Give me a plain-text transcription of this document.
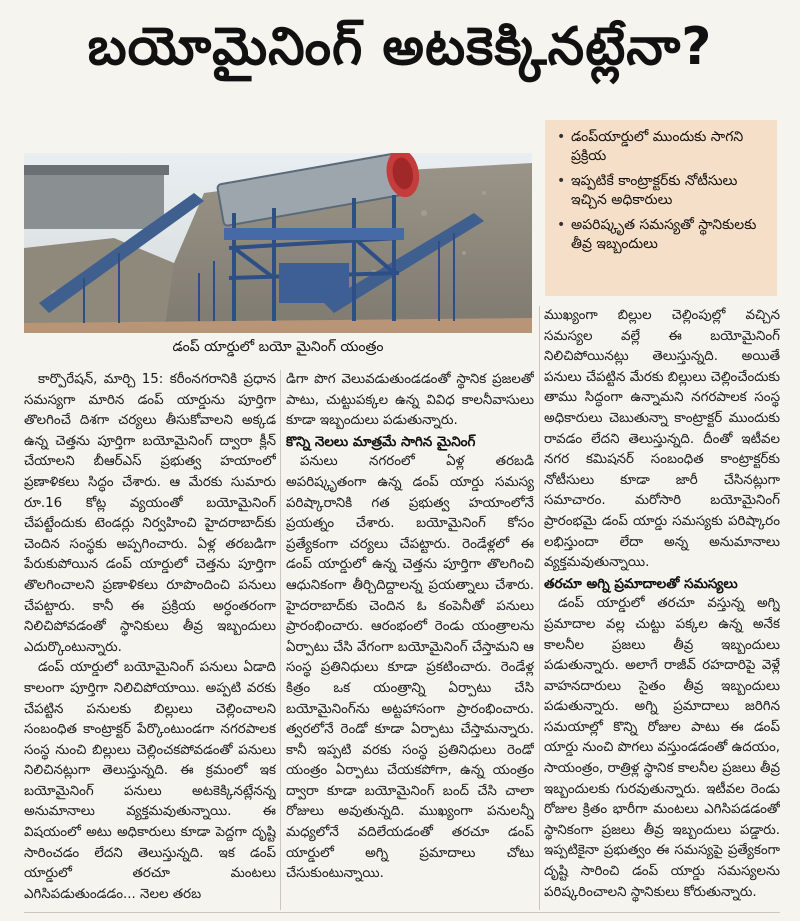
బయోమైనింగ్ అటకెక్కినట్లేనా?
డంప్ యార్డులో బయో మైనింగ్ యంత్రం
• డంప్‌యార్డులో ముందుకు సాగని ప్రక్రియ
• ఇప్పటికే కాంట్రాక్టర్‌కు నోటీసులు ఇచ్చిన అధికారులు
• అపరిష్కృత సమస్యతో స్థానికులకు తీవ్ర ఇబ్బందులు

కార్పొరేషన్, మార్చి 15: కరీంనగరానికి ప్రధాన సమస్యగా మారిన డంప్ యార్డును పూర్తిగా తొలగించే దిశగా చర్యలు తీసుకోవాలని అక్కడ ఉన్న చెత్తను పూర్తిగా బయోమైనింగ్ ద్వారా క్లీన్ చేయాలని బీఆర్ఎస్ ప్రభుత్వ హయాంలో ప్రణాళికలు సిద్ధం చేశారు. ఆ మేరకు సుమారు రూ.16 కోట్ల వ్యయంతో బయోమైనింగ్ చేపట్టేందుకు టెండర్లు నిర్వహించి హైదరాబాద్‌కు చెందిన సంస్థకు అప్పగించారు. ఏళ్ల తరబడిగా పేరుకుపోయిన డంప్ యార్డులో చెత్తను పూర్తిగా తొలగించాలని ప్రణాళికలు రూపొందించి పనులు చేపట్టారు. కానీ ఈ ప్రక్రియ అర్ధంతరంగా నిలిచిపోవడంతో స్థానికులు తీవ్ర ఇబ్బందులు ఎదుర్కొంటున్నారు.

డంప్ యార్డులో బయోమైనింగ్ పనులు ఏడాది కాలంగా పూర్తిగా నిలిచిపోయాయి. అప్పటి వరకు చేపట్టిన పనులకు బిల్లులు చెల్లించాలని సంబంధిత కాంట్రాక్టర్ పేర్కొంటుండగా నగరపాలక సంస్థ నుంచి బిల్లులు చెల్లించకపోవడంతో పనులు నిలిచినట్లుగా తెలుస్తున్నది. ఈ క్రమంలో ఇక బయోమైనింగ్ పనులు అటకెక్కినట్లేనన్న అనుమానాలు వ్యక్తమవుతున్నాయి. ఈ విషయంలో అటు అధికారులు కూడా పెద్దగా దృష్టి సారించడం లేదని తెలుస్తున్నది. ఇక డంప్ యార్డులో తరచూ మంటలు ఎగిసిపడుతుండడం... నెలల తరబ

డిగా పొగ వెలువడుతుండడంతో స్థానిక ప్రజలతో పాటు, చుట్టుపక్కల ఉన్న వివిధ కాలనీవాసులు కూడా ఇబ్బందులు పడుతున్నారు.

కొన్ని నెలలు మాత్రమే సాగిన మైనింగ్

పనులు నగరంలో ఏళ్ల తరబడి అపరిష్కృతంగా ఉన్న డంప్ యార్డు సమస్య పరిష్కారానికి గత ప్రభుత్వ హయాంలోనే ప్రయత్నం చేశారు. బయోమైనింగ్ కోసం ప్రత్యేకంగా చర్యలు చేపట్టారు. రెండేళ్లలో ఈ డంప్ యార్డులో ఉన్న చెత్తను పూర్తిగా తొలగించి ఆధునికంగా తీర్చిదిద్దాలన్న ప్రయత్నాలు చేశారు. హైదరాబాద్‌కు చెందిన ఓ కంపెనీతో పనులు ప్రారంభించారు. ఆరంభంలో రెండు యంత్రాలను ఏర్పాటు చేసి వేగంగా బయోమైనింగ్ చేస్తామని ఆ సంస్థ ప్రతినిధులు కూడా ప్రకటించారు. రెండేళ్ల కిత్రం ఒక యంత్రాన్ని ఏర్పాటు చేసి బయోమైనింగ్‌ను అట్టహాసంగా ప్రారంభించారు. త్వరలోనే రెండో కూడా ఏర్పాటు చేస్తామన్నారు. కానీ ఇప్పటి వరకు సంస్థ ప్రతినిధులు రెండో యంత్రం ఏర్పాటు చేయకపోగా, ఉన్న యంత్రం ద్వారా కూడా బయోమైనింగ్ బంద్ చేసి చాలా రోజులు అవుతున్నది. ముఖ్యంగా పనులన్నీ మధ్యలోనే వదిలేయడంతో తరచూ డంప్ యార్డులో అగ్ని ప్రమాదాలు చోటు చేసుకుంటున్నాయి.

ముఖ్యంగా బిల్లుల చెల్లింపుల్లో వచ్చిన సమస్యల వల్లే ఈ బయోమైనింగ్ నిలిచిపోయినట్లు తెలుస్తున్నది. అయితే పనులు చేపట్టిన మేరకు బిల్లులు చెల్లించేందుకు తాము సిద్ధంగా ఉన్నామని నగరపాలక సంస్థ అధికారులు చెబుతున్నా కాంట్రాక్టర్ ముందుకు రావడం లేదని తెలుస్తున్నది. దీంతో ఇటీవల నగర కమిషనర్ సంబంధిత కాంట్రాక్టర్‌కు నోటీసులు కూడా జారీ చేసినట్లుగా సమాచారం. మరోసారి బయోమైనింగ్ ప్రారంభమై డంప్ యార్డు సమస్యకు పరిష్కారం లభిస్తుందా లేదా అన్న అనుమానాలు వ్యక్తమవుతున్నాయి.

తరచూ అగ్ని ప్రమాదాలతో సమస్యలు

డంప్ యార్డులో తరచూ వస్తున్న అగ్ని ప్రమాదాల వల్ల చుట్టు పక్కల ఉన్న అనేక కాలనీల ప్రజలు తీవ్ర ఇబ్బందులు పడుతున్నారు. అలాగే రాజీవ్ రహదారిపై వెళ్లే వాహనదారులు సైతం తీవ్ర ఇబ్బందులు పడుతున్నారు. అగ్ని ప్రమాదాలు జరిగిన సమయాల్లో కొన్ని రోజుల పాటు ఈ డంప్ యార్డు నుంచి పొగలు వస్తుండడంతో ఉదయం, సాయంత్రం, రాత్రిళ్ల స్థానిక కాలనీల ప్రజలు తీవ్ర ఇబ్బందులకు గురవుతున్నారు. ఇటీవల రెండు రోజుల క్రితం భారీగా మంటలు ఎగిసిపడడంతో స్థానికంగా ప్రజలు తీవ్ర ఇబ్బందులు పడ్డారు. ఇప్పటికైనా ప్రభుత్వం ఈ సమస్యపై ప్రత్యేకంగా దృష్టి సారించి డంప్ యార్డు సమస్యలను పరిష్కరించాలని స్థానికులు కోరుతున్నారు.
